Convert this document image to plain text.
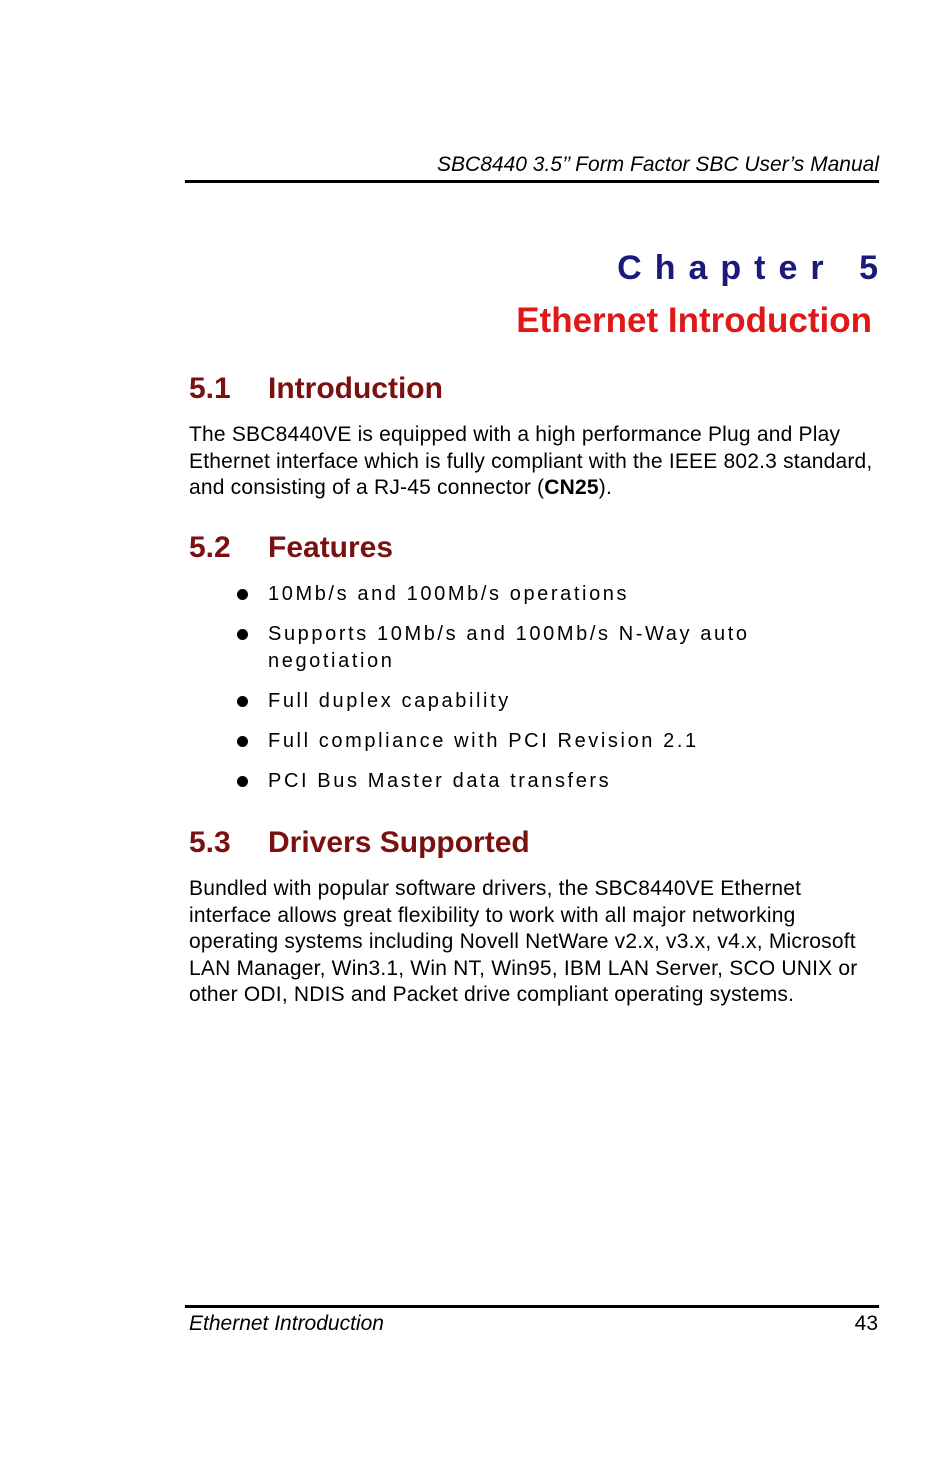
SBC8440 3.5’’ Form Factor SBC User’s Manual
Chapter 5
Ethernet Introduction
5.1 Introduction
The SBC8440VE is equipped with a high performance Plug and Play Ethernet interface which is fully compliant with the IEEE 802.3 standard, and consisting of a RJ-45 connector (CN25).
5.2 Features
10Mb/s and 100Mb/s operations
Supports 10Mb/s and 100Mb/s N-Way auto negotiation
Full duplex capability
Full compliance with PCI Revision 2.1
PCI Bus Master data transfers
5.3 Drivers Supported
Bundled with popular software drivers, the SBC8440VE Ethernet interface allows great flexibility to work with all major networking operating systems including Novell NetWare v2.x, v3.x, v4.x, Microsoft LAN Manager, Win3.1, Win NT, Win95, IBM LAN Server, SCO UNIX or other ODI, NDIS and Packet drive compliant operating systems.
Ethernet Introduction	43
